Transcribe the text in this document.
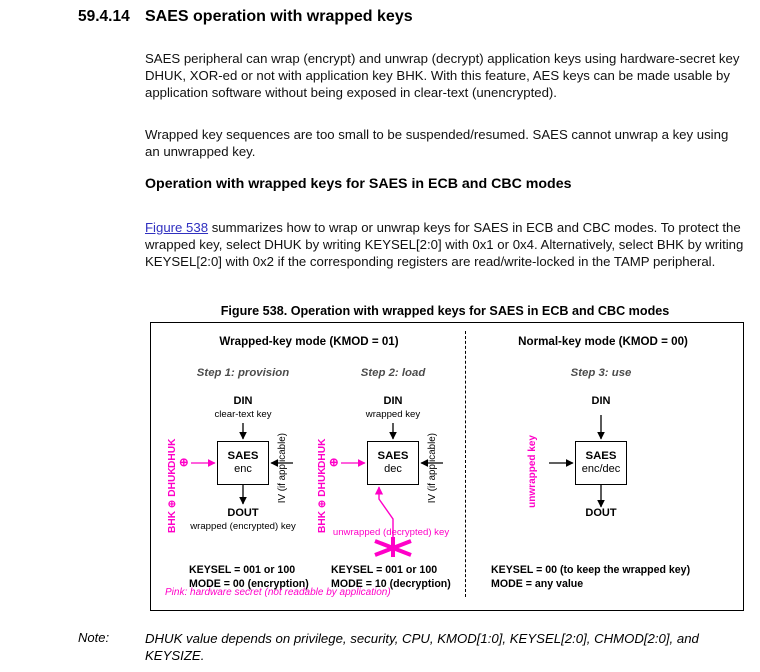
59.4.14 SAES operation with wrapped keys
SAES peripheral can wrap (encrypt) and unwrap (decrypt) application keys using hardware-secret key DHUK, XOR-ed or not with application key BHK. With this feature, AES keys can be made usable by application software without being exposed in clear-text (unencrypted).
Wrapped key sequences are too small to be suspended/resumed. SAES cannot unwrap a key using an unwrapped key.
Operation with wrapped keys for SAES in ECB and CBC modes
Figure 538 summarizes how to wrap or unwrap keys for SAES in ECB and CBC modes. To protect the wrapped key, select DHUK by writing KEYSEL[2:0] with 0x1 or 0x4. Alternatively, select BHK by writing KEYSEL[2:0] with 0x2 if the corresponding registers are read/write-locked in the TAMP peripheral.
Figure 538. Operation with wrapped keys for SAES in ECB and CBC modes
Wrapped-key mode (KMOD = 01)	Normal-key mode (KMOD = 00)
Step 1: provision	Step 2: load	Step 3: use
DIN
clear-text key
SAES
enc
DHUK ⊕
BHK ⊕ DHUK	IV (if applicable)
DOUT
wrapped (encrypted) key
KEYSEL = 001 or 100
MODE = 00 (encryption)
DIN
wrapped key
SAES
dec
DHUK ⊕
BHK ⊕ DHUK	IV (if applicable)
unwrapped (decrypted) key
KEYSEL = 001 or 100
MODE = 10 (decryption)
DIN
SAES
enc/dec
unwrapped key
DOUT
KEYSEL = 00 (to keep the wrapped key)
MODE = any value
Pink: hardware secret (not readable by application)
Note:	DHUK value depends on privilege, security, CPU, KMOD[1:0], KEYSEL[2:0], CHMOD[2:0], and KEYSIZE.
